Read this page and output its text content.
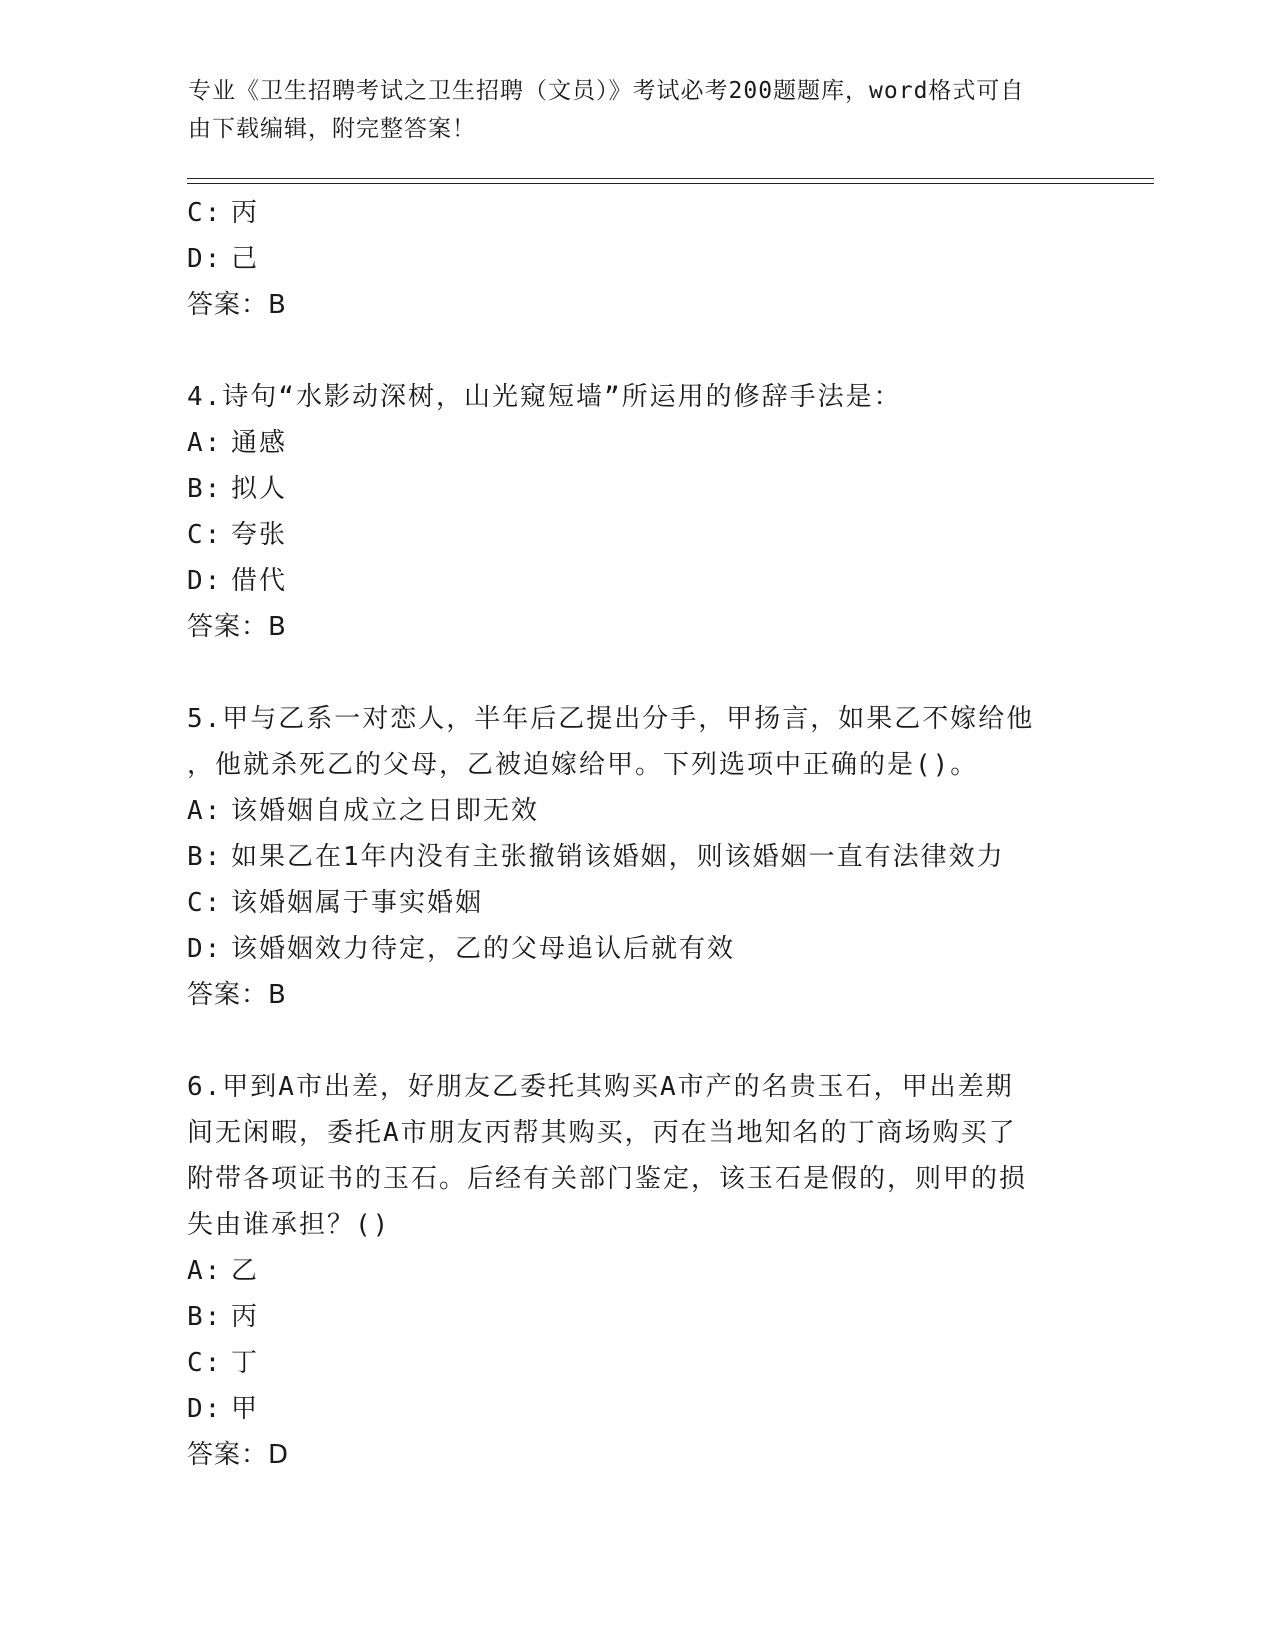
专业《卫生招聘考试之卫生招聘（文员）》考试必考200题题库，word格式可自
由下载编辑，附完整答案！
C: 丙
D: 己
答案：B
4.诗句“水影动深树，山光窥短墙”所运用的修辞手法是：
A: 通感
B: 拟人
C: 夸张
D: 借代
答案：B
5.甲与乙系一对恋人，半年后乙提出分手，甲扬言，如果乙不嫁给他
，他就杀死乙的父母，乙被迫嫁给甲。下列选项中正确的是()。
A: 该婚姻自成立之日即无效
B: 如果乙在1年内没有主张撤销该婚姻，则该婚姻一直有法律效力
C: 该婚姻属于事实婚姻
D: 该婚姻效力待定，乙的父母追认后就有效
答案：B
6.甲到A市出差，好朋友乙委托其购买A市产的名贵玉石，甲出差期
间无闲暇，委托A市朋友丙帮其购买，丙在当地知名的丁商场购买了
附带各项证书的玉石。后经有关部门鉴定，该玉石是假的，则甲的损
失由谁承担？()
A: 乙
B: 丙
C: 丁
D: 甲
答案：D
